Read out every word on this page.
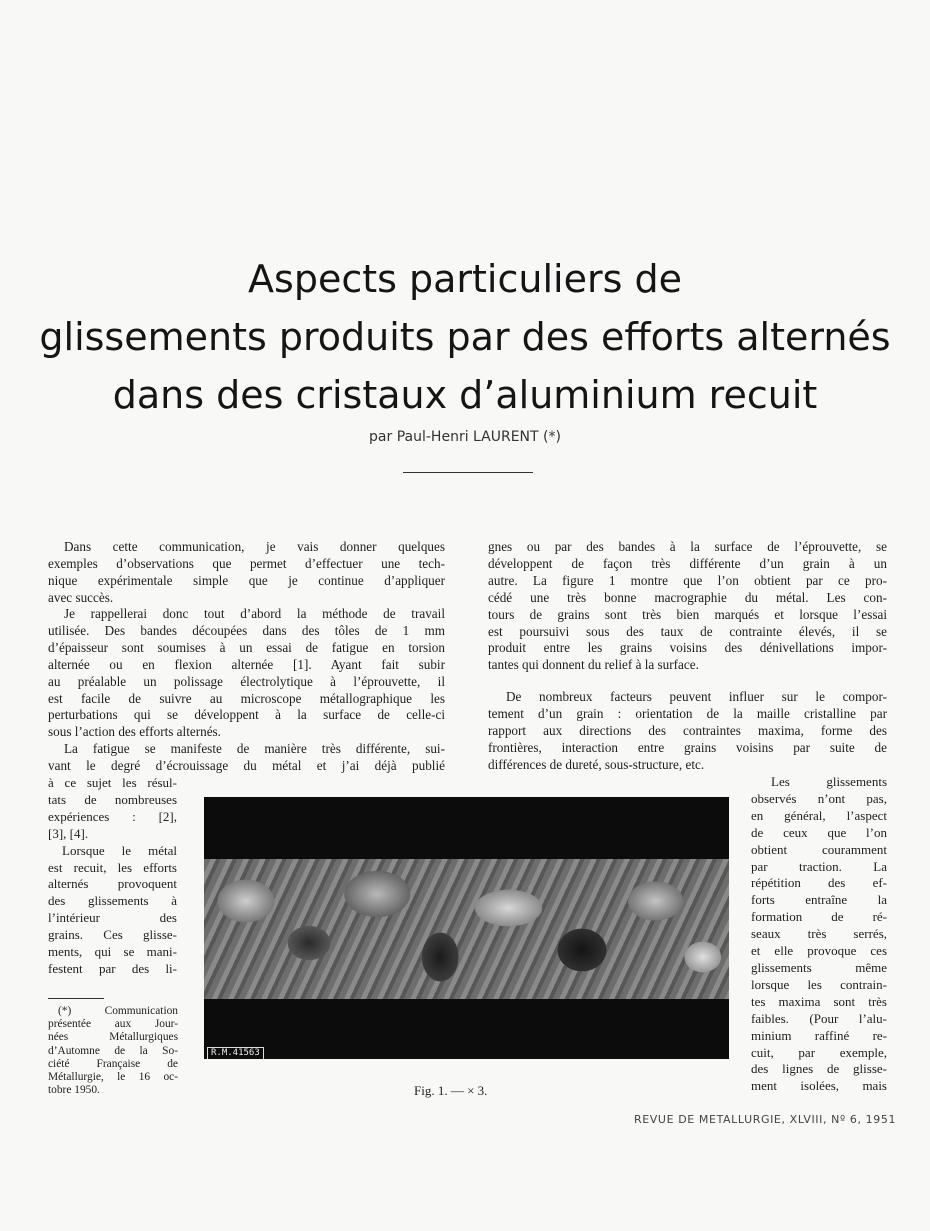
Aspects particuliers de
glissements produits par des efforts alternés
dans des cristaux d’aluminium recuit
par Paul-Henri LAURENT (*)
Dans cette communication, je vais donner quelques
exemples d’observations que permet d’effectuer une tech-
nique expérimentale simple que je continue d’appliquer
avec succès.
Je rappellerai donc tout d’abord la méthode de travail
utilisée. Des bandes découpées dans des tôles de 1 mm
d’épaisseur sont soumises à un essai de fatigue en torsion
alternée ou en flexion alternée [1]. Ayant fait subir
au préalable un polissage électrolytique à l’éprouvette, il
est facile de suivre au microscope métallographique les
perturbations qui se développent à la surface de celle-ci
sous l’action des efforts alternés.
La fatigue se manifeste de manière très différente, sui-
vant le degré d’écrouissage du métal et j’ai déjà publié
à ce sujet les résul-
tats de nombreuses
expériences : [2],
[3], [4].
Lorsque le métal
est recuit, les efforts
alternés provoquent
des glissements à
l’intérieur des
grains. Ces glisse-
ments, qui se mani-
festent par des li-
(*) Communication
présentée aux Jour-
nées Métallurgiques
d’Automne de la So-
ciété Française de
Métallurgie, le 16 oc-
tobre 1950.
gnes ou par des bandes à la surface de l’éprouvette, se
développent de façon très différente d’un grain à un
autre. La figure 1 montre que l’on obtient par ce pro-
cédé une très bonne macrographie du métal. Les con-
tours de grains sont très bien marqués et lorsque l’essai
est poursuivi sous des taux de contrainte élevés, il se
produit entre les grains voisins des dénivellations impor-
tantes qui donnent du relief à la surface.
De nombreux facteurs peuvent influer sur le compor-
tement d’un grain : orientation de la maille cristalline par
rapport aux directions des contraintes maxima, forme des
frontières, interaction entre grains voisins par suite de
différences de dureté, sous-structure, etc.
Les glissements
observés n’ont pas,
en général, l’aspect
de ceux que l’on
obtient couramment
par traction. La
répétition des ef-
forts entraîne la
formation de ré-
seaux très serrés,
et elle provoque ces
glissements même
lorsque les contrain-
tes maxima sont très
faibles. (Pour l’alu-
minium raffiné re-
cuit, par exemple,
des lignes de glisse-
ment isolées, mais
R.M.41563
Fig. 1. — × 3.
REVUE DE METALLURGIE, XLVIII, Nº 6, 1951
